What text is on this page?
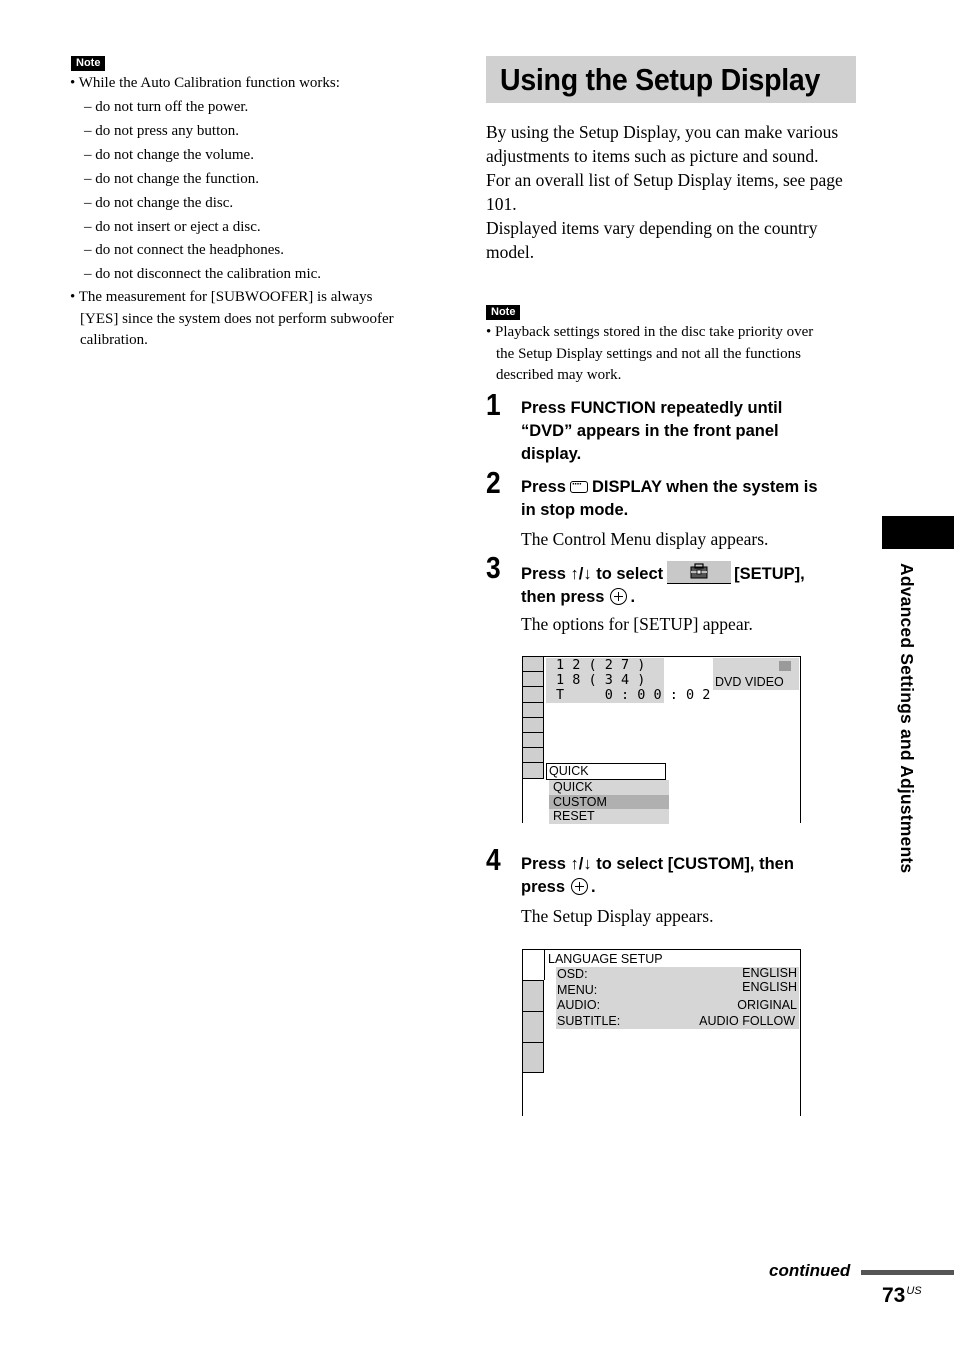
Note
• While the Auto Calibration function works:
– do not turn off the power.
– do not press any button.
– do not change the volume.
– do not change the function.
– do not change the disc.
– do not insert or eject a disc.
– do not connect the headphones.
– do not disconnect the calibration mic.
• The measurement for [SUBWOOFER] is always
[YES] since the system does not perform subwoofer
calibration.
Using the Setup Display

By using the Setup Display, you can make various adjustments to items such as picture and sound.

For an overall list of Setup Display items, see page 101.

Displayed items vary depending on the country model.

Note
• Playback settings stored in the disc take priority over
the Setup Display settings and not all the functions
described may work.
1 Press FUNCTION repeatedly until
“DVD” appears in the front panel
display.
2 Press···· DISPLAY when the system is
in stop mode.
The Control Menu display appears.
3 Press ↑/↓ to select	[SETUP],
then press .
The options for [SETUP] appear.
1 2 ( 2 7 )
1 8 ( 3 4 )
T     0 : 0 0 : 0 2
DVD VIDEO
QUICK
QUICK
CUSTOM
RESET
4 Press ↑/↓ to select [CUSTOM], then
press .
The Setup Display appears.
LANGUAGE SETUP
OSD:	ENGLISH
MENU:	ENGLISH
AUDIO:	ORIGINAL
SUBTITLE:	AUDIO FOLLOW
Advanced Settings and Adjustments
continued
$73^{US}$
